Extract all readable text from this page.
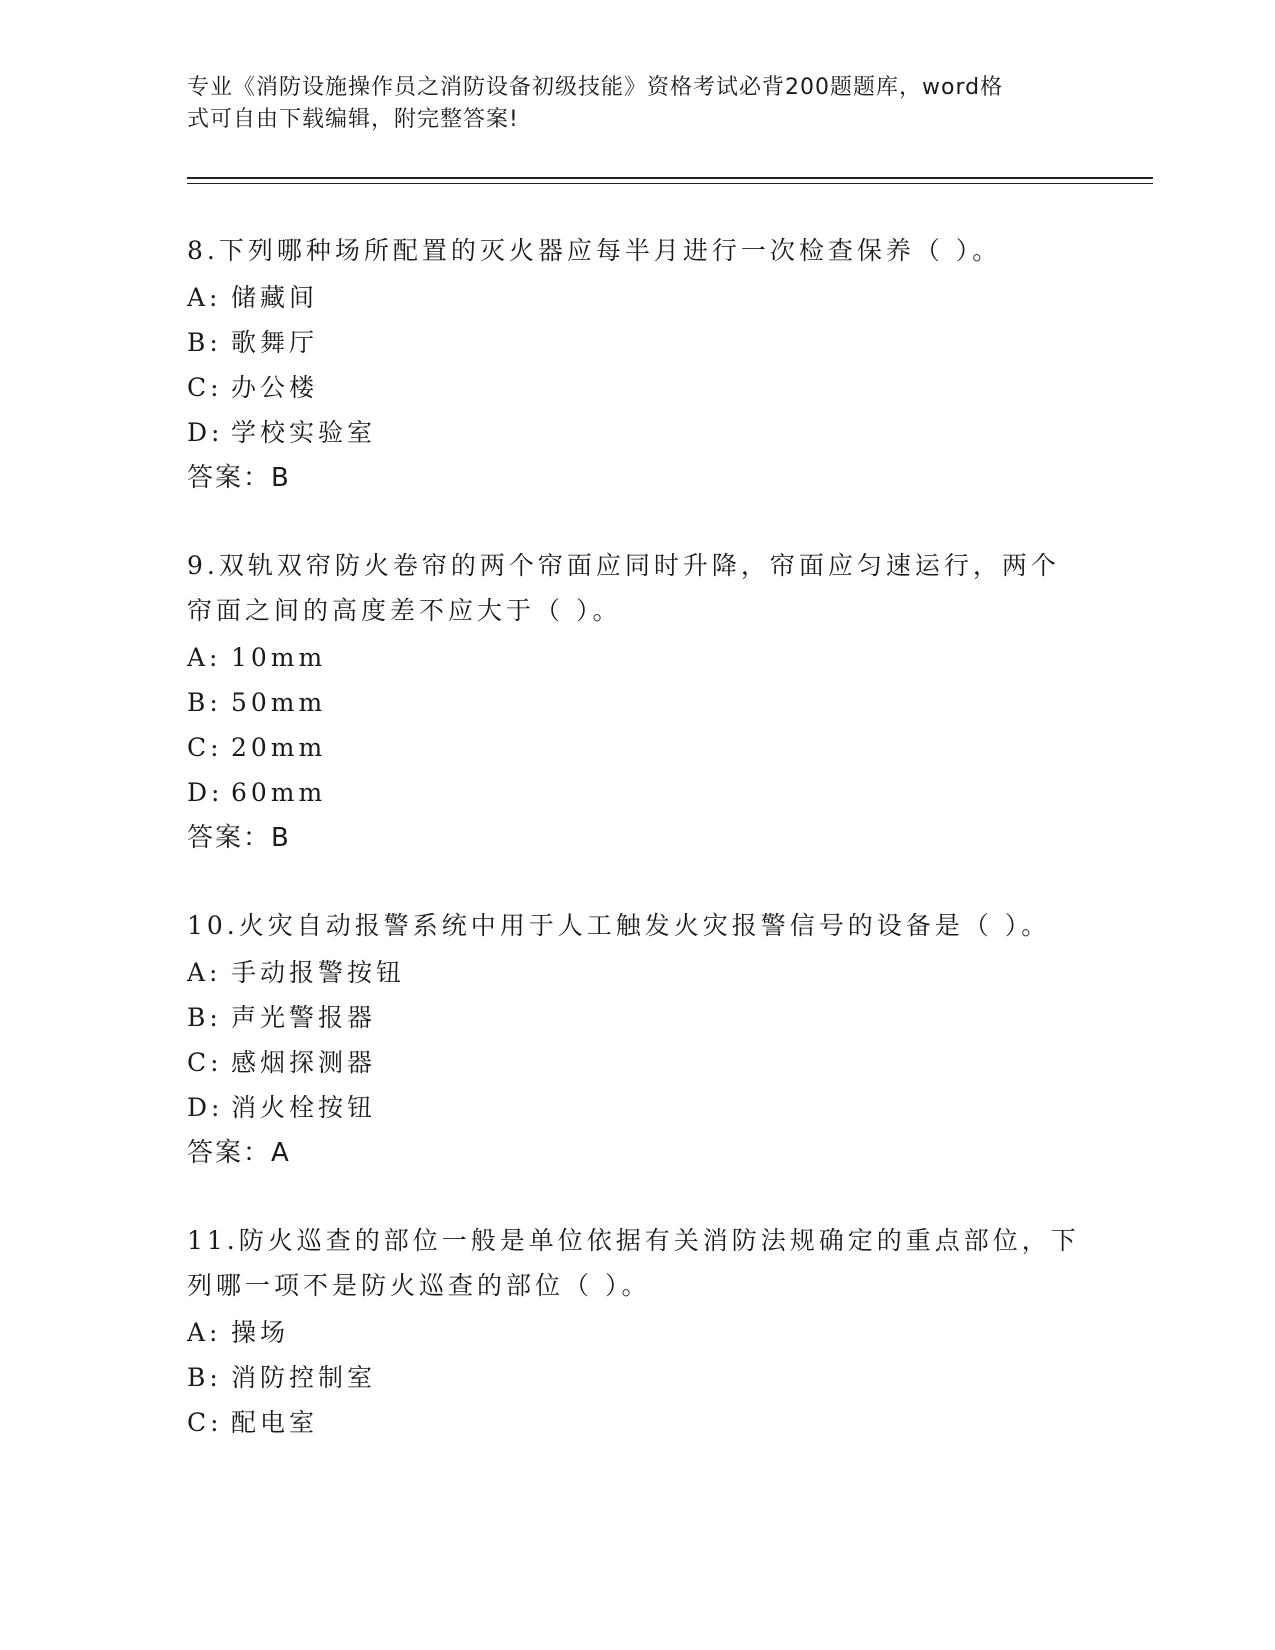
专业《消防设施操作员之消防设备初级技能》资格考试必背200题题库，word格
式可自由下载编辑，附完整答案!
8.下列哪种场所配置的灭火器应每半月进行一次检查保养（ ）。
A: 储藏间
B: 歌舞厅
C: 办公楼
D: 学校实验室
答案：B
9.双轨双帘防火卷帘的两个帘面应同时升降，帘面应匀速运行，两个
帘面之间的高度差不应大于（ ）。
A: 10mm
B: 50mm
C: 20mm
D: 60mm
答案：B
10.火灾自动报警系统中用于人工触发火灾报警信号的设备是（ ）。
A: 手动报警按钮
B: 声光警报器
C: 感烟探测器
D: 消火栓按钮
答案：A
11.防火巡查的部位一般是单位依据有关消防法规确定的重点部位，下
列哪一项不是防火巡查的部位（ ）。
A: 操场
B: 消防控制室
C: 配电室
